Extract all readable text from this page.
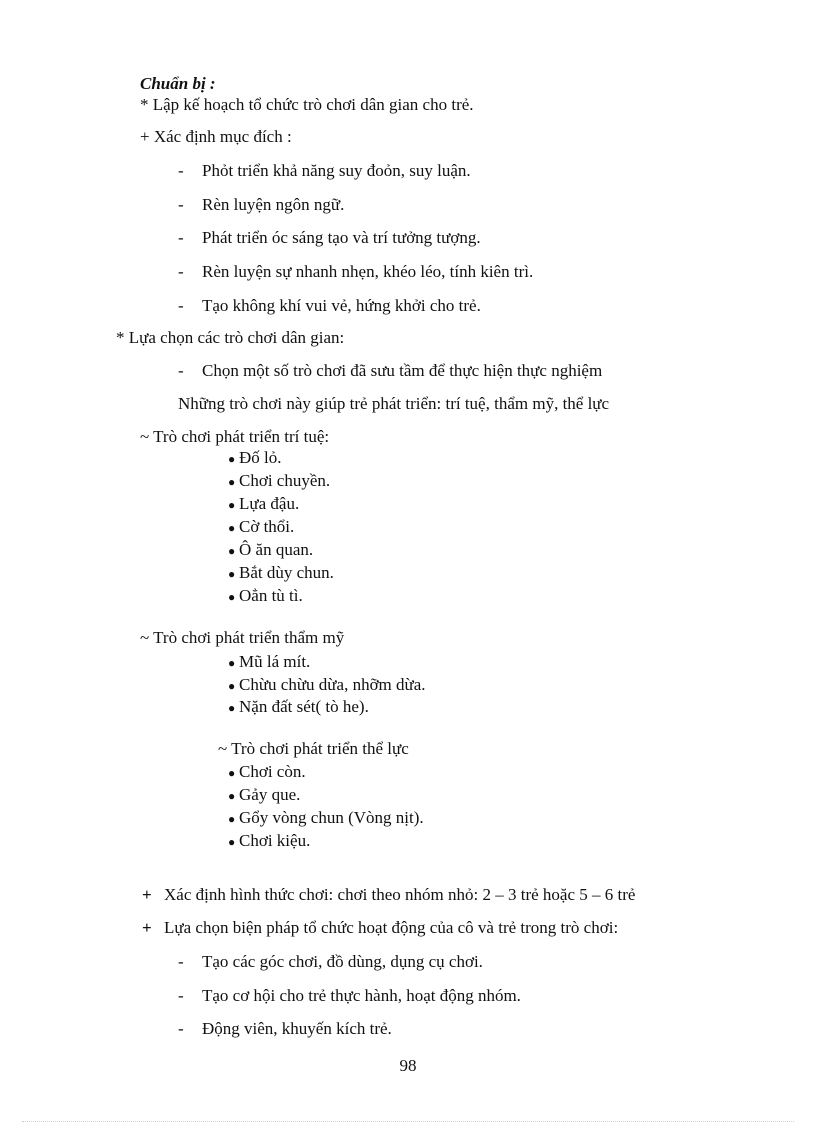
Chuẩn bị :
* Lập kế hoạch tổ chức trò chơi dân gian cho trẻ.
+ Xác định mục đích :
- Phỏt triển khả năng suy đoỏn, suy luận.
- Rèn luyện ngôn ngữ.
- Phát triển óc sáng tạo và trí tưởng tượng.
- Rèn luyện sự nhanh nhẹn, khéo léo, tính kiên trì.
- Tạo không khí vui vẻ, hứng khởi cho trẻ.
* Lựa chọn các trò chơi dân gian:
- Chọn một số trò chơi đã sưu tầm để thực hiện thực nghiệm
Những trò chơi này giúp trẻ phát triển: trí tuệ, thẩm mỹ, thể lực
~ Trò chơi phát triển trí tuệ:
● Đố lỏ.
● Chơi chuyền.
● Lựa đậu.
● Cờ thổi.
● Ô ăn quan.
● Bắt dùy chun.
● Oẳn tù tì.
~ Trò chơi phát triển thẩm mỹ
● Mũ lá mít.
● Chừu chừu dừa, nhỡm dừa.
● Nặn đất sét( tò he).
~ Trò chơi phát triển thể lực
● Chơi còn.
● Gảy que.
● Gổy vòng chun (Vòng nịt).
● Chơi kiệu.
+ Xác định hình thức chơi: chơi theo nhóm nhỏ: 2 – 3 trẻ hoặc 5 – 6 trẻ
+ Lựa chọn biện pháp tổ chức hoạt động của cô và trẻ trong trò chơi:
- Tạo các góc chơi, đồ dùng, dụng cụ chơi.
- Tạo cơ hội cho trẻ thực hành, hoạt động nhóm.
- Động viên, khuyến kích trẻ.
98
